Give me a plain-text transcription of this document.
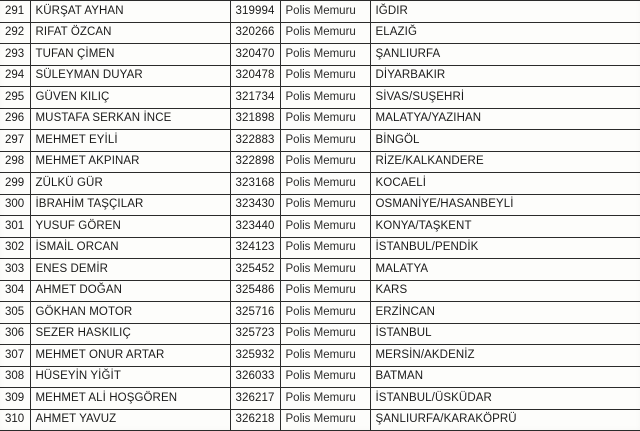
291	KÜRŞAT AYHAN	319994	Polis Memuru	IĞDIR
292	RIFAT ÖZCAN	320266	Polis Memuru	ELAZIĞ
293	TUFAN ÇİMEN	320470	Polis Memuru	ŞANLIURFA
294	SÜLEYMAN DUYAR	320478	Polis Memuru	DİYARBAKIR
295	GÜVEN KILIÇ	321734	Polis Memuru	SİVAS/SUŞEHRİ
296	MUSTAFA SERKAN İNCE	321898	Polis Memuru	MALATYA/YAZIHAN
297	MEHMET EYİLİ	322883	Polis Memuru	BİNGÖL
298	MEHMET AKPINAR	322898	Polis Memuru	RİZE/KALKANDERE
299	ZÜLKÜ GÜR	323168	Polis Memuru	KOCAELİ
300	İBRAHİM TAŞÇILAR	323430	Polis Memuru	OSMANİYE/HASANBEYLİ
301	YUSUF GÖREN	323440	Polis Memuru	KONYA/TAŞKENT
302	İSMAİL ORCAN	324123	Polis Memuru	İSTANBUL/PENDİK
303	ENES DEMİR	325452	Polis Memuru	MALATYA
304	AHMET DOĞAN	325486	Polis Memuru	KARS
305	GÖKHAN MOTOR	325716	Polis Memuru	ERZİNCAN
306	SEZER HASKILIÇ	325723	Polis Memuru	İSTANBUL
307	MEHMET ONUR ARTAR	325932	Polis Memuru	MERSİN/AKDENİZ
308	HÜSEYİN YİĞİT	326033	Polis Memuru	BATMAN
309	MEHMET ALİ HOŞGÖREN	326217	Polis Memuru	İSTANBUL/ÜSKÜDAR
310	AHMET YAVUZ	326218	Polis Memuru	ŞANLIURFA/KARAKÖPRÜ
